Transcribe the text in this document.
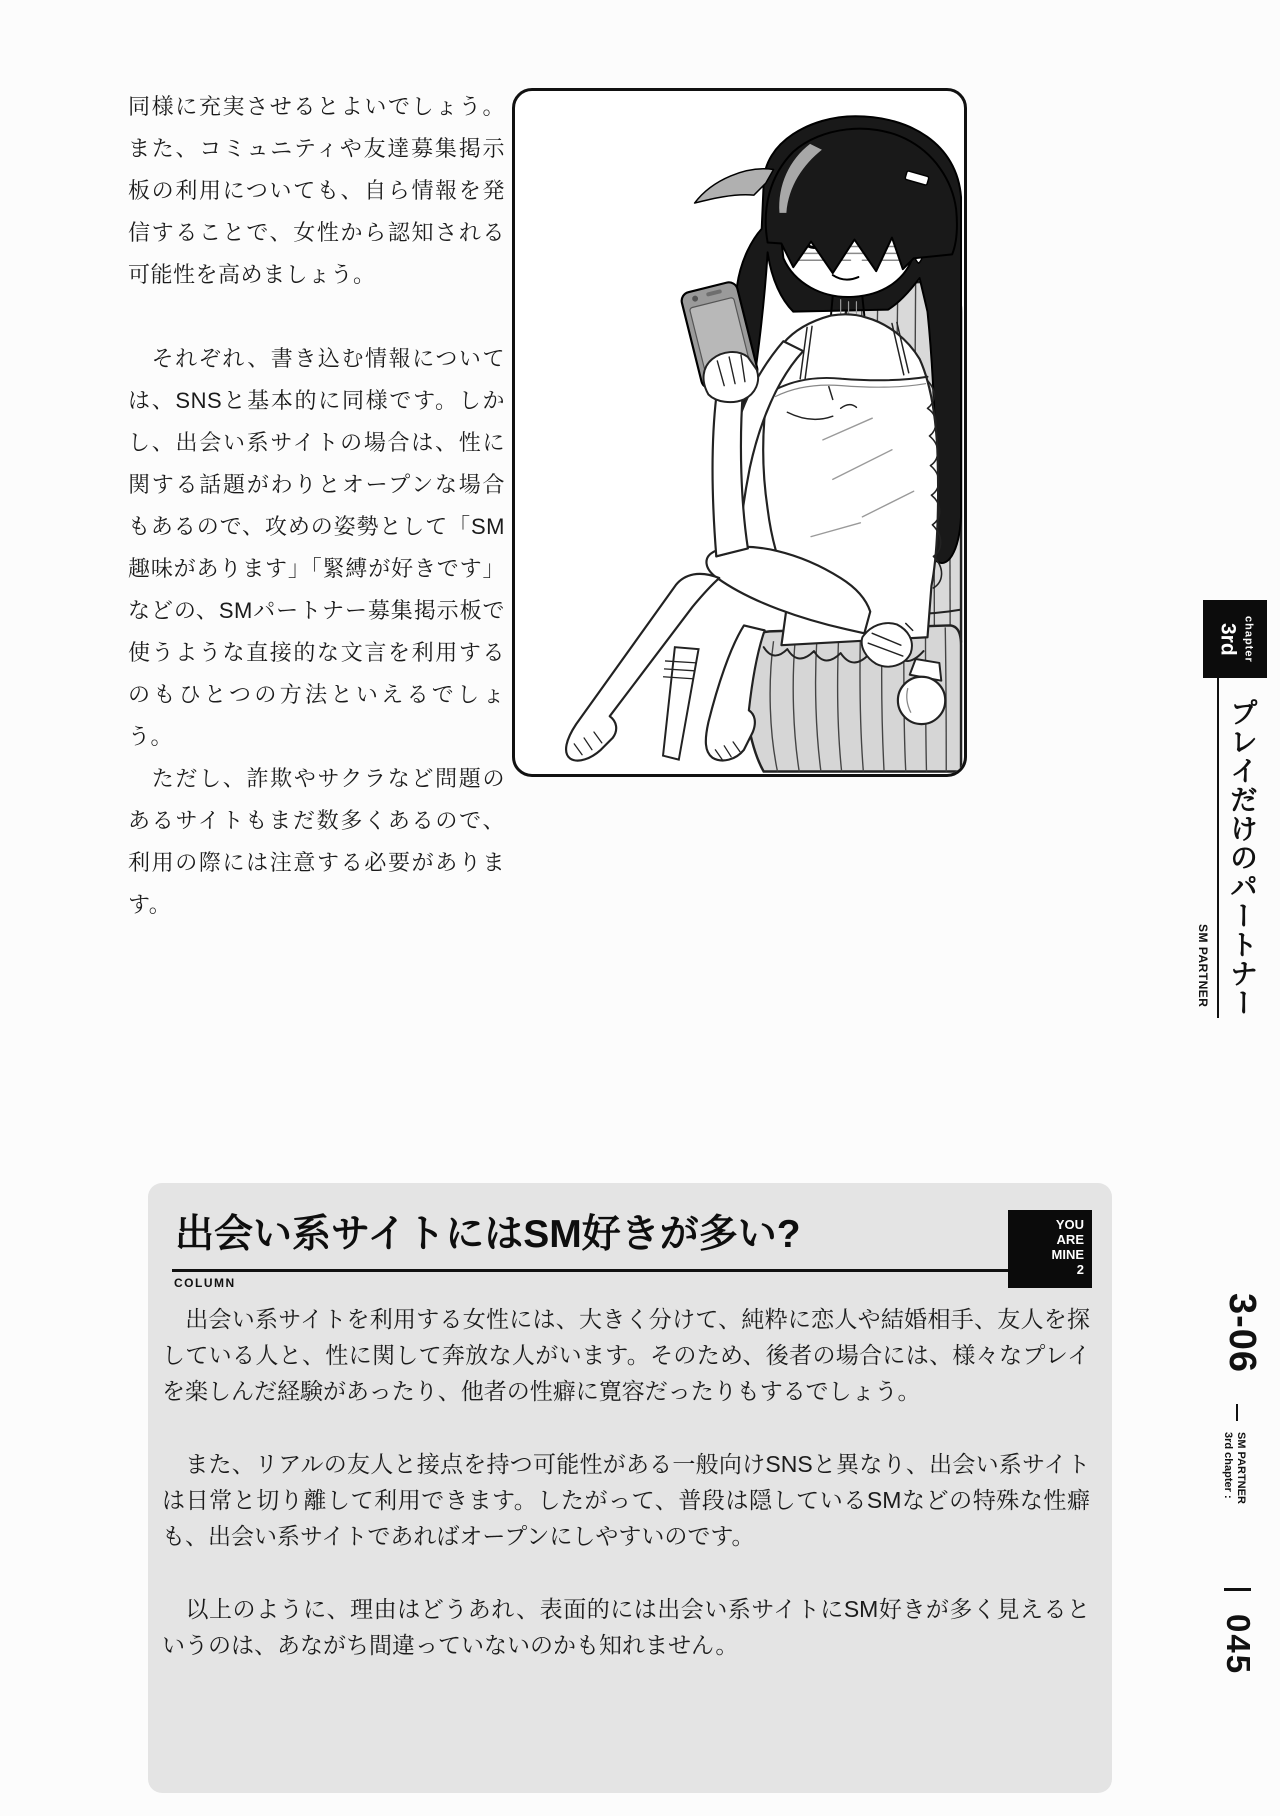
同様に充実させるとよいでしょう。また、コミュニティや友達募集掲示板の利用についても、自ら情報を発信することで、女性から認知される可能性を高めましょう。

　それぞれ、書き込む情報については、SNSと基本的に同様です。しかし、出会い系サイトの場合は、性に関する話題がわりとオープンな場合もあるので、攻めの姿勢として「SM趣味があります」「緊縛が好きです」などの、SMパートナー募集掲示板で使うような直接的な文言を利用するのもひとつの方法といえるでしょう。

　ただし、詐欺やサクラなど問題のあるサイトもまだ数多くあるので、利用の際には注意する必要があります。

3rd chapter
プレイだけのパートナー
SM PARTNER
3-06
3rd chapter : SM PARTNER
045
出会い系サイトにはSM好きが多い?
COLUMN
YOU
ARE
MINE
2

　出会い系サイトを利用する女性には、大きく分けて、純粋に恋人や結婚相手、友人を探している人と、性に関して奔放な人がいます。そのため、後者の場合には、様々なプレイを楽しんだ経験があったり、他者の性癖に寛容だったりもするでしょう。

　また、リアルの友人と接点を持つ可能性がある一般向けSNSと異なり、出会い系サイトは日常と切り離して利用できます。したがって、普段は隠しているSMなどの特殊な性癖も、出会い系サイトであればオープンにしやすいのです。

　以上のように、理由はどうあれ、表面的には出会い系サイトにSM好きが多く見えるというのは、あながち間違っていないのかも知れません。
